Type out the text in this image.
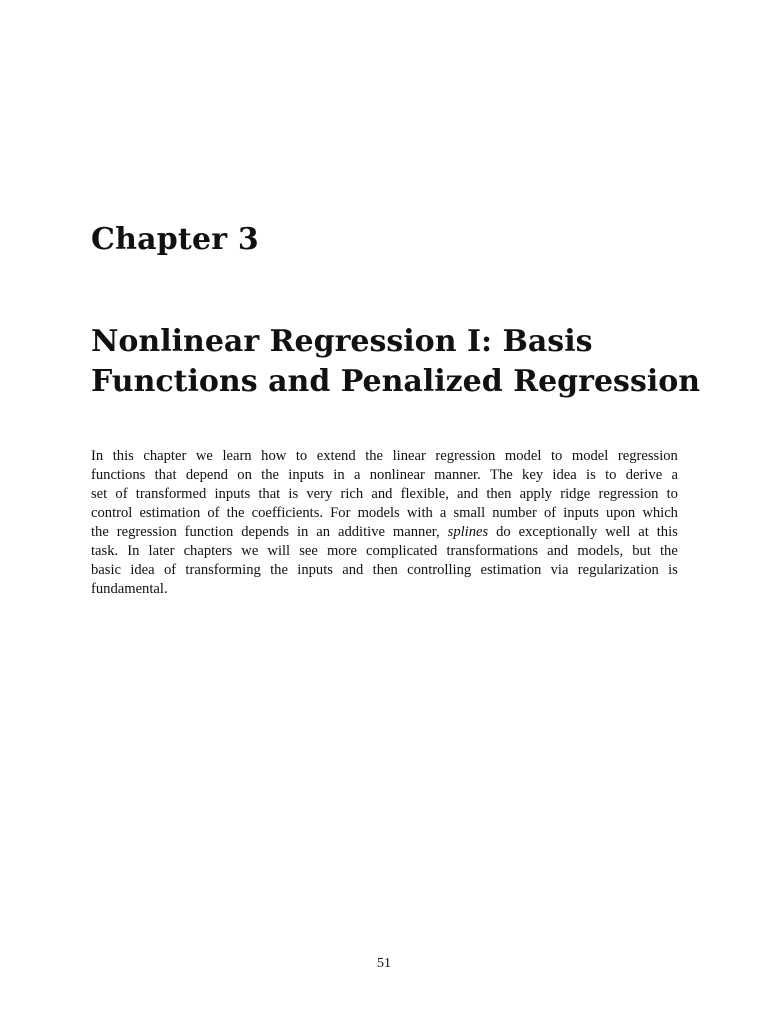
Chapter 3
Nonlinear Regression I: Basis
Functions and Penalized Regression
In this chapter we learn how to extend the linear regression model to model regression
functions that depend on the inputs in a nonlinear manner. The key idea is to derive a
set of transformed inputs that is very rich and flexible, and then apply ridge regression to
control estimation of the coefficients. For models with a small number of inputs upon which
the regression function depends in an additive manner, splines do exceptionally well at this
task. In later chapters we will see more complicated transformations and models, but the
basic idea of transforming the inputs and then controlling estimation via regularization is
fundamental.
51
